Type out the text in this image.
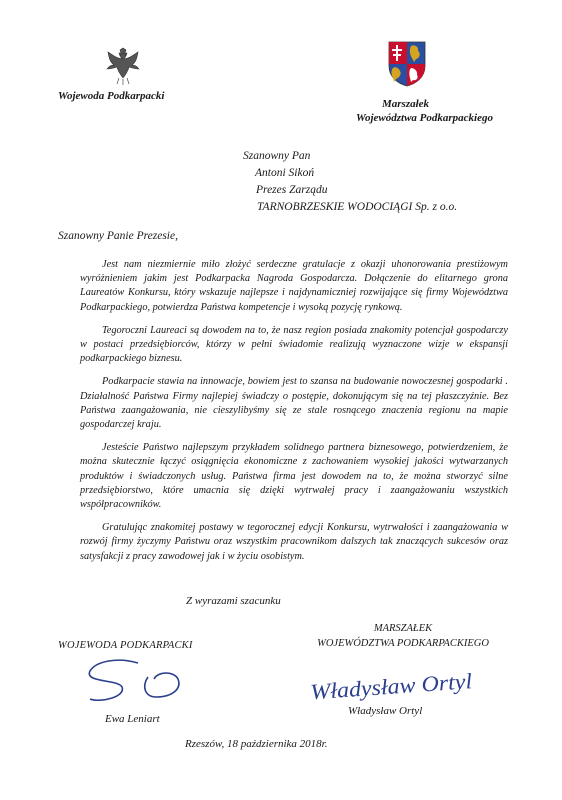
Wojewoda Podkarpacki
Marszałek
Województwa Podkarpackiego
Szanowny Pan
Antoni Sikoń
Prezes Zarządu
TARNOBRZESKIE WODOCIĄGI Sp. z o.o.
Szanowny Panie Prezesie,

Jest nam niezmiernie miło złożyć serdeczne gratulacje z okazji uhonorowania prestiżowym wyróżnieniem jakim jest Podkarpacka Nagroda Gospodarcza. Dołączenie do elitarnego grona Laureatów Konkursu, który wskazuje najlepsze i najdynamiczniej rozwijające się firmy Województwa Podkarpackiego, potwierdza Państwa kompetencje i wysoką pozycję rynkową.

Tegoroczni Laureaci są dowodem na to, że nasz region posiada znakomity potencjał gospodarczy w postaci przedsiębiorców, którzy w pełni świadomie realizują wyznaczone wizje w ekspansji podkarpackiego biznesu.

Podkarpacie stawia na innowacje, bowiem jest to szansa na budowanie nowoczesnej gospodarki . Działalność Państwa Firmy najlepiej świadczy o postępie, dokonującym się na tej płaszczyźnie. Bez Państwa zaangażowania, nie cieszylibyśmy się ze stale rosnącego znaczenia regionu na mapie gospodarczej kraju.

Jesteście Państwo najlepszym przykładem solidnego partnera biznesowego, potwierdzeniem, że można skutecznie łączyć osiągnięcia ekonomiczne z zachowaniem wysokiej jakości wytwarzanych produktów i świadczonych usług. Państwa firma jest dowodem na to, że można stworzyć silne przedsiębiorstwo, które umacnia się dzięki wytrwałej pracy i zaangażowaniu wszystkich współpracowników.

Gratulując znakomitej postawy w tegorocznej edycji Konkursu, wytrwałości i zaangażowania w rozwój firmy życzymy Państwu oraz wszystkim pracownikom dalszych tak znaczących sukcesów oraz satysfakcji z pracy zawodowej jak i w życiu osobistym.

Z wyrazami szacunku
WOJEWODA PODKARPACKI
MARSZAŁEK
WOJEWÓDZTWA PODKARPACKIEGO
Władysław Ortyl
Ewa Leniart
Władysław Ortyl
Rzeszów, 18 października 2018r.
